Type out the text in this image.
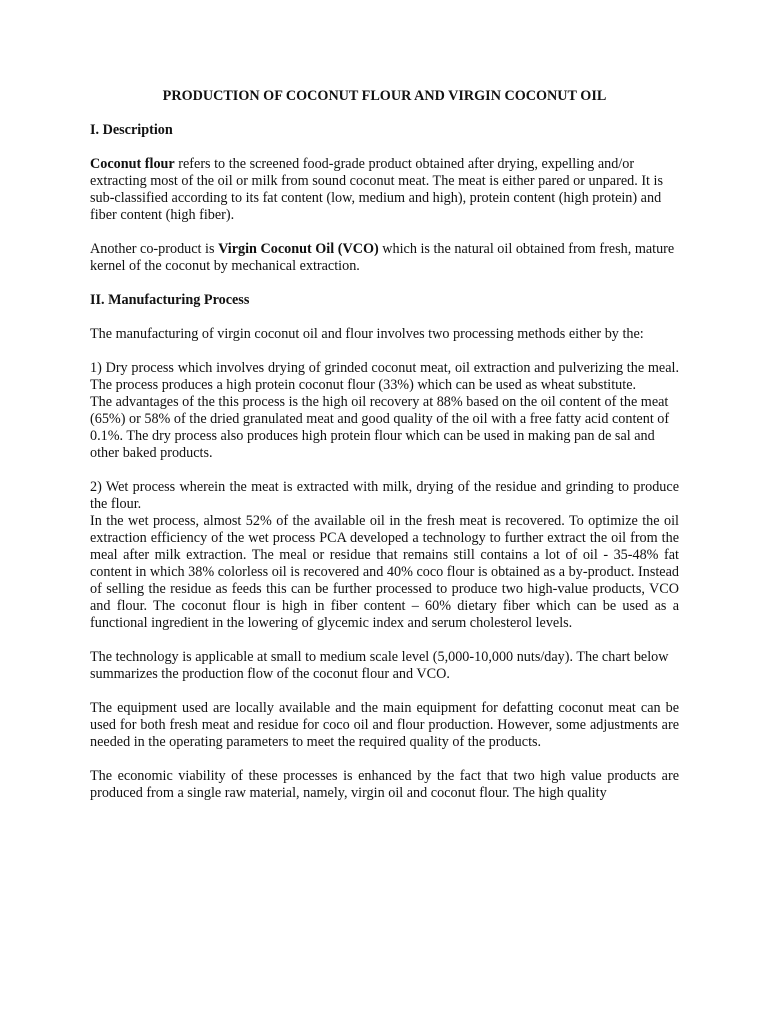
PRODUCTION OF COCONUT FLOUR AND VIRGIN COCONUT OIL
I. Description

Coconut flour refers to the screened food-grade product obtained after drying, expelling and/or extracting most of the oil or milk from sound coconut meat. The meat is either pared or unpared. It is sub-classified according to its fat content (low, medium and high), protein content (high protein) and fiber content (high fiber).

Another co-product is Virgin Coconut Oil (VCO) which is the natural oil obtained from fresh, mature kernel of the coconut by mechanical extraction.

II. Manufacturing Process

The manufacturing of virgin coconut oil and flour involves two processing methods either by the:

1) Dry process which involves drying of grinded coconut meat, oil extraction and pulverizing the meal. The process produces a high protein coconut flour (33%) which can be used as wheat substitute.

The advantages of the this process is the high oil recovery at 88% based on the oil content of the meat (65%) or 58% of the dried granulated meat and good quality of the oil with a free fatty acid content of 0.1%. The dry process also produces high protein flour which can be used in making pan de sal and other baked products.

2) Wet process wherein the meat is extracted with milk, drying of the residue and grinding to produce the flour.

In the wet process, almost 52% of the available oil in the fresh meat is recovered. To optimize the oil extraction efficiency of the wet process PCA developed a technology to further extract the oil from the meal after milk extraction. The meal or residue that remains still contains a lot of oil - 35-48% fat content in which 38% colorless oil is recovered and 40% coco flour is obtained as a by-product. Instead of selling the residue as feeds this can be further processed to produce two high-value products, VCO and flour. The coconut flour is high in fiber content – 60% dietary fiber which can be used as a functional ingredient in the lowering of glycemic index and serum cholesterol levels.

The technology is applicable at small to medium scale level (5,000-10,000 nuts/day). The chart below summarizes the production flow of the coconut flour and VCO.

The equipment used are locally available and the main equipment for defatting coconut meat can be used for both fresh meat and residue for coco oil and flour production. However, some adjustments are needed in the operating parameters to meet the required quality of the products.

The economic viability of these processes is enhanced by the fact that two high value products are produced from a single raw material, namely, virgin oil and coconut flour. The high quality
